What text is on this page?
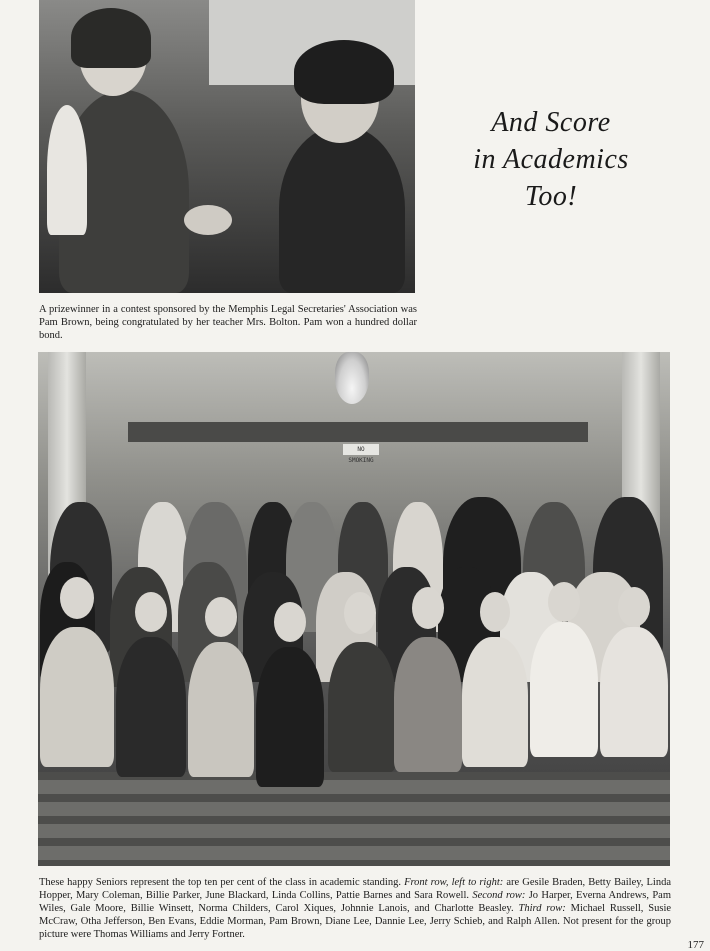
And Score
in Academics
Too!
A prizewinner in a contest sponsored by the Memphis Legal Secretaries' Association was Pam Brown, being congratulated by her teacher Mrs. Bolton. Pam won a hundred dollar bond.
NO SMOKING
These happy Seniors represent the top ten per cent of the class in academic standing. Front row, left to right: are Gesile Braden, Betty Bailey, Linda Hopper, Mary Coleman, Billie Parker, June Blackard, Linda Collins, Pattie Barnes and Sara Rowell. Second row: Jo Harper, Everna Andrews, Pam Wiles, Gale Moore, Billie Winsett, Norma Childers, Carol Xiques, Johnnie Lanois, and Charlotte Beasley. Third row: Michael Russell, Susie McCraw, Otha Jefferson, Ben Evans, Eddie Morman, Pam Brown, Diane Lee, Dannie Lee, Jerry Schieb, and Ralph Allen. Not present for the group picture were Thomas Williams and Jerry Fortner.
177
